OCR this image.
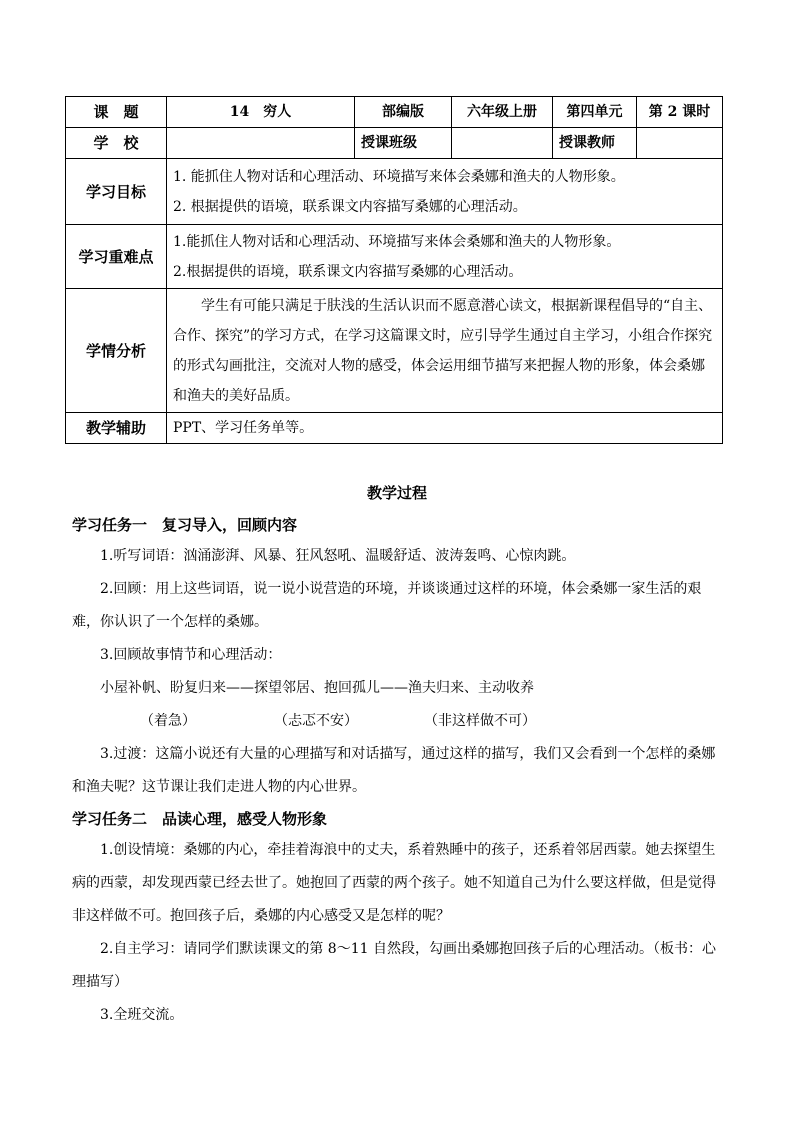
课　题	14　穷人	部编版	六年级上册	第四单元	第 2 课时
学　校		授课班级		授课教师	
学习目标	1. 能抓住人物对话和心理活动、环境描写来体会桑娜和渔夫的人物形象。
2. 根据提供的语境，联系课文内容描写桑娜的心理活动。				

学习重难点	1.能抓住人物对话和心理活动、环境描写来体会桑娜和渔夫的人物形象。
2.根据提供的语境，联系课文内容描写桑娜的心理活动。				

学情分析	学生有可能只满足于肤浅的生活认识而不愿意潜心读文，根据新课程倡导的“自主、合作、探究”的学习方式，在学习这篇课文时，应引导学生通过自主学习，小组合作探究的形式勾画批注，交流对人物的感受，体会运用细节描写来把握人物的形象，体会桑娜和渔夫的美好品质。				

教学辅助	PPT、学习任务单等。				
教学过程
学习任务一　复习导入，回顾内容

1.听写词语：汹涌澎湃、风暴、狂风怒吼、温暖舒适、波涛轰鸣、心惊肉跳。

2.回顾：用上这些词语，说一说小说营造的环境，并谈谈通过这样的环境，体会桑娜一家生活的艰难，你认识了一个怎样的桑娜。

3.回顾故事情节和心理活动：

小屋补帆、盼复归来——探望邻居、抱回孤儿——渔夫归来、主动收养

（着急）	（忐忑不安）	（非这样做不可）

3.过渡：这篇小说还有大量的心理描写和对话描写，通过这样的描写，我们又会看到一个怎样的桑娜和渔夫呢？这节课让我们走进人物的内心世界。

学习任务二　品读心理，感受人物形象

1.创设情境：桑娜的内心，牵挂着海浪中的丈夫，系着熟睡中的孩子，还系着邻居西蒙。她去探望生病的西蒙，却发现西蒙已经去世了。她抱回了西蒙的两个孩子。她不知道自己为什么要这样做，但是觉得非这样做不可。抱回孩子后，桑娜的内心感受又是怎样的呢？

2.自主学习：请同学们默读课文的第 8～11 自然段，勾画出桑娜抱回孩子后的心理活动。（板书：心理描写）

3.全班交流。
